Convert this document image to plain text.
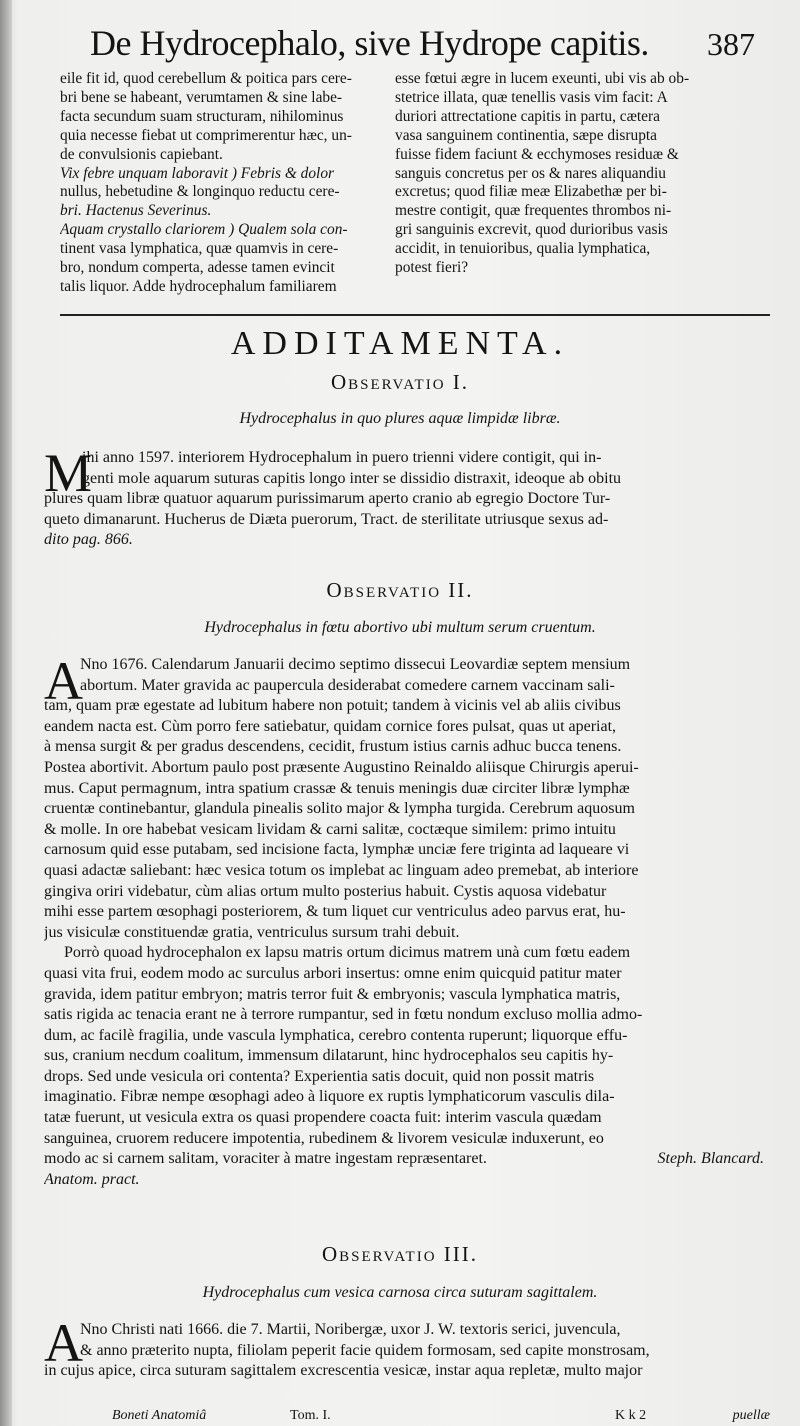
De Hydrocephalo, sive Hydrope capitis. 387
eile fit id, quod cerebellum & poitica pars cere-
bri bene se habeant, verumtamen & sine labe-
facta secundum suam structuram, nihilominus
quia necesse fiebat ut comprimerentur hæc, un-
de convulsionis capiebant.
Vix febre unquam laboravit ) Febris & dolor
nullus, hebetudine & longinquo reductu cere-
bri. Hactenus Severinus.
Aquam crystallo clariorem ) Qualem sola con-
tinent vasa lymphatica, quæ quamvis in cere-
bro, nondum comperta, adesse tamen evincit
talis liquor. Adde hydrocephalum familiarem
esse fœtui ægre in lucem exeunti, ubi vis ab ob-
stetrice illata, quæ tenellis vasis vim facit: A
duriori attrectatione capitis in partu, cætera
vasa sanguinem continentia, sæpe disrupta
fuisse fidem faciunt & ecchymoses residuæ &
sanguis concretus per os & nares aliquandiu
excretus; quod filiæ meæ Elizabethæ per bi-
mestre contigit, quæ frequentes thrombos ni-
gri sanguinis excrevit, quod durioribus vasis
accidit, in tenuioribus, qualia lymphatica,
potest fieri?
ADDITAMENTA.
Observatio I.
Hydrocephalus in quo plures aquæ limpidæ libræ.
M
ihi anno 1597. interiorem Hydrocephalum in puero trienni videre contigit, qui in-
genti mole aquarum suturas capitis longo inter se dissidio distraxit, ideoque ab obitu
plures quam libræ quatuor aquarum purissimarum aperto cranio ab egregio Doctore Tur-
queto dimanarunt. Hucherus de Diæta puerorum, Tract. de sterilitate utriusque sexus ad-
dito pag. 866.
Observatio II.
Hydrocephalus in fœtu abortivo ubi multum serum cruentum.
A
Nno 1676. Calendarum Januarii decimo septimo dissecui Leovardiæ septem mensium
abortum. Mater gravida ac paupercula desiderabat comedere carnem vaccinam sali-
tam, quam præ egestate ad lubitum habere non potuit; tandem à vicinis vel ab aliis civibus
eandem nacta est. Cùm porro fere satiebatur, quidam cornice fores pulsat, quas ut aperiat,
à mensa surgit & per gradus descendens, cecidit, frustum istius carnis adhuc bucca tenens.
Postea abortivit. Abortum paulo post præsente Augustino Reinaldo aliisque Chirurgis aperui-
mus. Caput permagnum, intra spatium crassæ & tenuis meningis duæ circiter libræ lymphæ
cruentæ continebantur, glandula pinealis solito major & lympha turgida. Cerebrum aquosum
& molle. In ore habebat vesicam lividam & carni salitæ, coctæque similem: primo intuitu
carnosum quid esse putabam, sed incisione facta, lymphæ unciæ fere triginta ad laqueare vi
quasi adactæ saliebant: hæc vesica totum os implebat ac linguam adeo premebat, ab interiore
gingiva oriri videbatur, cùm alias ortum multo posterius habuit. Cystis aquosa videbatur
mihi esse partem œsophagi posteriorem, & tum liquet cur ventriculus adeo parvus erat, hu-
jus visiculæ constituendæ gratia, ventriculus sursum trahi debuit.
Porrò quoad hydrocephalon ex lapsu matris ortum dicimus matrem unà cum fœtu eadem
quasi vita frui, eodem modo ac surculus arbori insertus: omne enim quicquid patitur mater
gravida, idem patitur embryon; matris terror fuit & embryonis; vascula lymphatica matris,
satis rigida ac tenacia erant ne à terrore rumpantur, sed in fœtu nondum excluso mollia admo-
dum, ac facilè fragilia, unde vascula lymphatica, cerebro contenta ruperunt; liquorque effu-
sus, cranium necdum coalitum, immensum dilatarunt, hinc hydrocephalos seu capitis hy-
drops. Sed unde vesicula ori contenta? Experientia satis docuit, quid non possit matris
imaginatio. Fibræ nempe œsophagi adeo à liquore ex ruptis lymphaticorum vasculis dila-
tatæ fuerunt, ut vesicula extra os quasi propendere coacta fuit: interim vascula quædam
sanguinea, cruorem reducere impotentia, rubedinem & livorem vesiculæ induxerunt, eo
modo ac si carnem salitam, voraciter à matre ingestam repræsentaret.	Steph. Blancard.
Anatom. pract.
Observatio III.
Hydrocephalus cum vesica carnosa circa suturam sagittalem.
A
Nno Christi nati 1666. die 7. Martii, Noribergæ, uxor J. W. textoris serici, juvencula,
& anno præterito nupta, filiolam peperit facie quidem formosam, sed capite monstrosam,
in cujus apice, circa suturam sagittalem excrescentia vesicæ, instar aqua repletæ, multo major
Boneti Anatomiâ	Tom. I.	K k 2	puellæ
